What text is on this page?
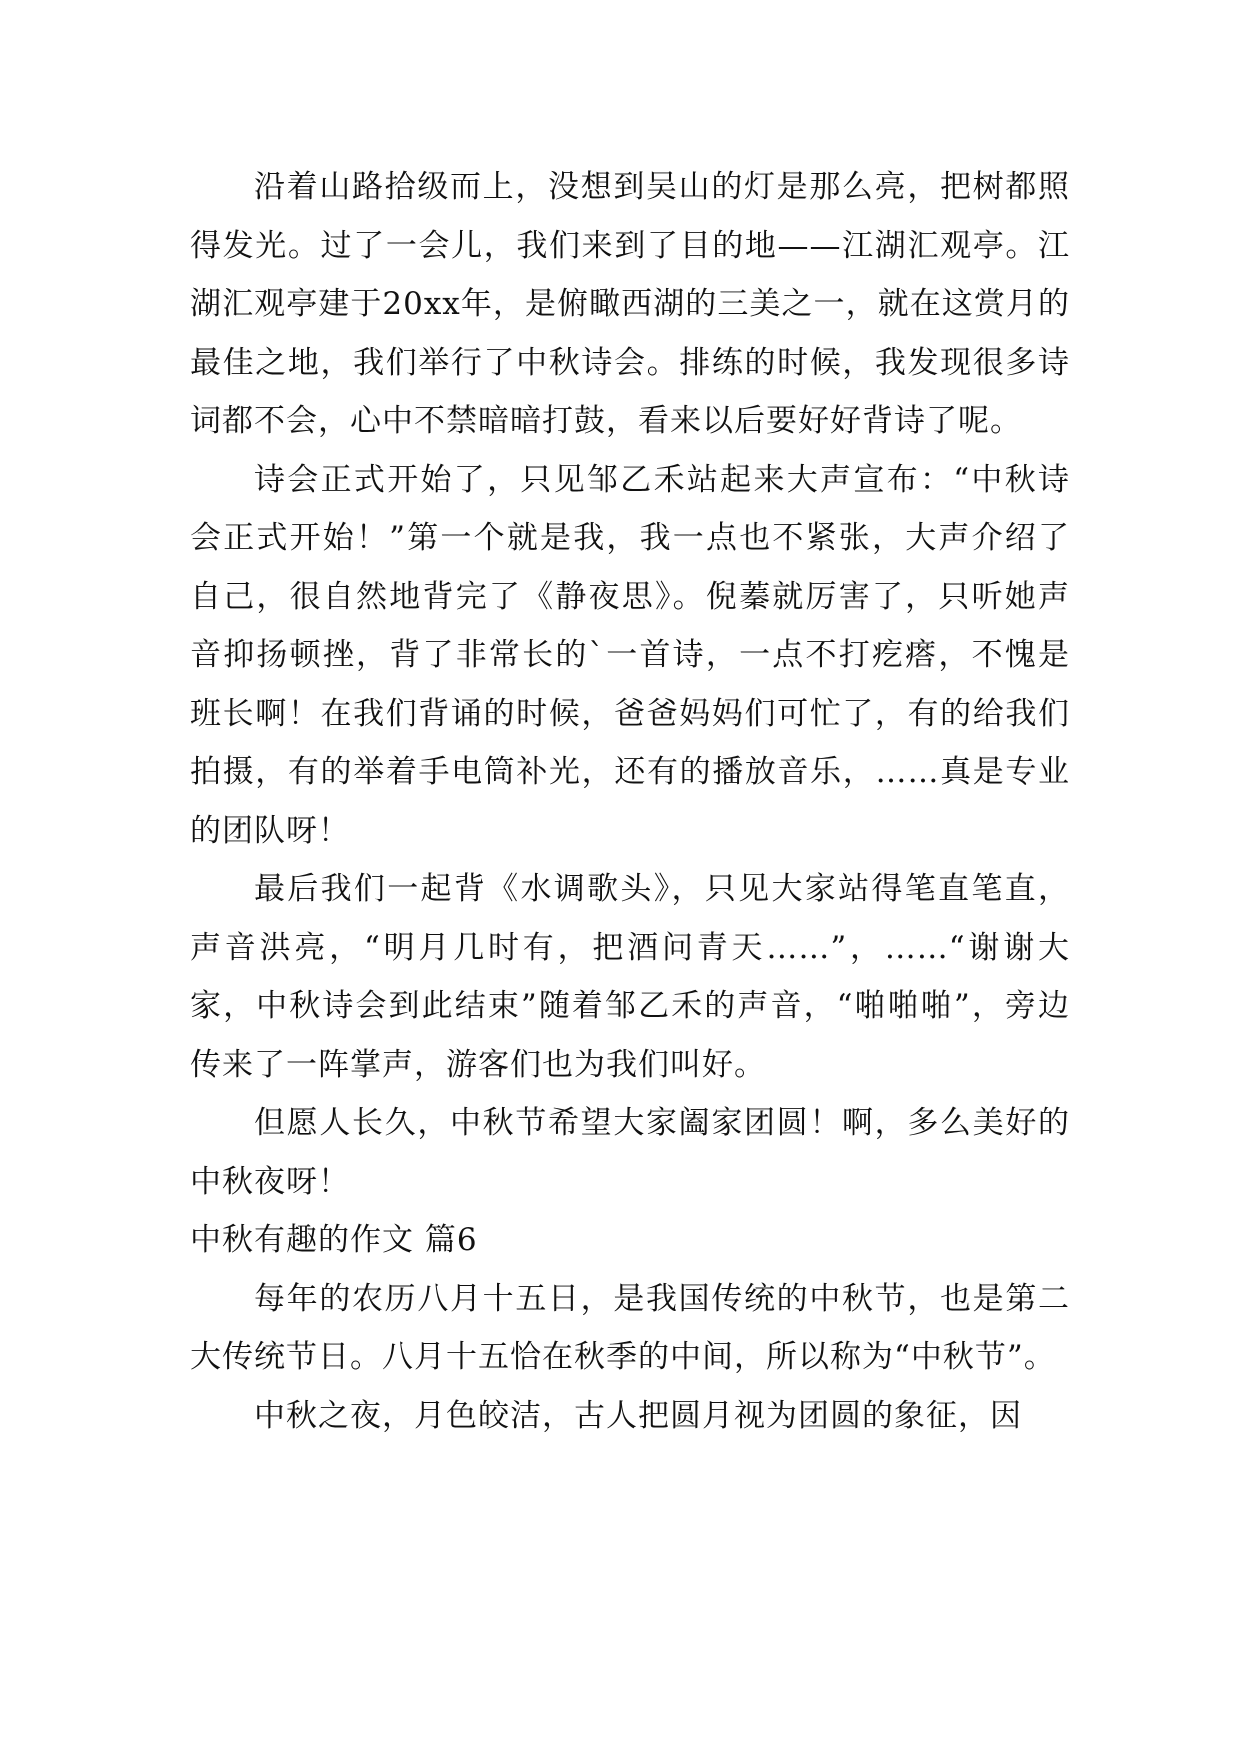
沿着山路拾级而上，没想到吴山的灯是那么亮，把树都照得发光。过了一会儿，我们来到了目的地——江湖汇观亭。江湖汇观亭建于20xx年，是俯瞰西湖的三美之一，就在这赏月的最佳之地，我们举行了中秋诗会。排练的时候，我发现很多诗词都不会，心中不禁暗暗打鼓，看来以后要好好背诗了呢。

诗会正式开始了，只见邹乙禾站起来大声宣布：“中秋诗会正式开始！”第一个就是我，我一点也不紧张，大声介绍了自己，很自然地背完了《静夜思》。倪蓁就厉害了，只听她声音抑扬顿挫，背了非常长的`一首诗，一点不打疙瘩，不愧是班长啊！在我们背诵的时候，爸爸妈妈们可忙了，有的给我们拍摄，有的举着手电筒补光，还有的播放音乐，……真是专业的团队呀！

最后我们一起背《水调歌头》，只见大家站得笔直笔直，声音洪亮，“明月几时有，把酒问青天……”，……“谢谢大家，中秋诗会到此结束”随着邹乙禾的声音，“啪啪啪”，旁边传来了一阵掌声，游客们也为我们叫好。

但愿人长久，中秋节希望大家阖家团圆！啊，多么美好的中秋夜呀！

中秋有趣的作文 篇6

每年的农历八月十五日，是我国传统的中秋节，也是第二大传统节日。八月十五恰在秋季的中间，所以称为“中秋节”。

中秋之夜，月色皎洁，古人把圆月视为团圆的象征，因
